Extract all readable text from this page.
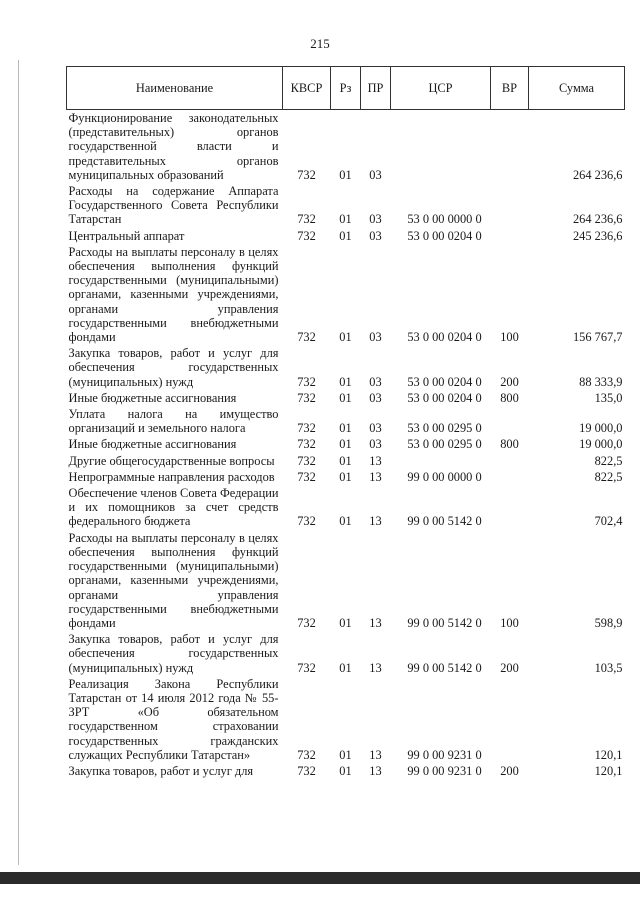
215
Наименование	КВСР	Рз	ПР	ЦСР	ВР	Сумма
Функционирование законодательных (представительных) органов государственной власти и представительных органов муниципальных образований	732	01	03			264 236,6
Расходы на содержание Аппарата Государственного Совета Республики Татарстан	732	01	03	53 0 00 0000 0		264 236,6
Центральный аппарат	732	01	03	53 0 00 0204 0		245 236,6
Расходы на выплаты персоналу в целях обеспечения выполнения функций государственными (муниципальными) органами, казенными учреждениями, органами управления государственными внебюджетными фондами	732	01	03	53 0 00 0204 0	100	156 767,7
Закупка товаров, работ и услуг для обеспечения государственных (муниципальных) нужд	732	01	03	53 0 00 0204 0	200	88 333,9
Иные бюджетные ассигнования	732	01	03	53 0 00 0204 0	800	135,0
Уплата налога на имущество организаций и земельного налога	732	01	03	53 0 00 0295 0		19 000,0
Иные бюджетные ассигнования	732	01	03	53 0 00 0295 0	800	19 000,0
Другие общегосударственные вопросы	732	01	13			822,5
Непрограммные направления расходов	732	01	13	99 0 00 0000 0		822,5
Обеспечение членов Совета Федерации и их помощников за счет средств федерального бюджета	732	01	13	99 0 00 5142 0		702,4
Расходы на выплаты персоналу в целях обеспечения выполнения функций государственными (муниципальными) органами, казенными учреждениями, органами управления государственными внебюджетными фондами	732	01	13	99 0 00 5142 0	100	598,9
Закупка товаров, работ и услуг для обеспечения государственных (муниципальных) нужд	732	01	13	99 0 00 5142 0	200	103,5
Реализация Закона Республики Татарстан от 14 июля 2012 года № 55-ЗРТ «Об обязательном государственном страховании государственных гражданских служащих Республики Татарстан»	732	01	13	99 0 00 9231 0		120,1
Закупка товаров, работ и услуг для	732	01	13	99 0 00 9231 0	200	120,1
